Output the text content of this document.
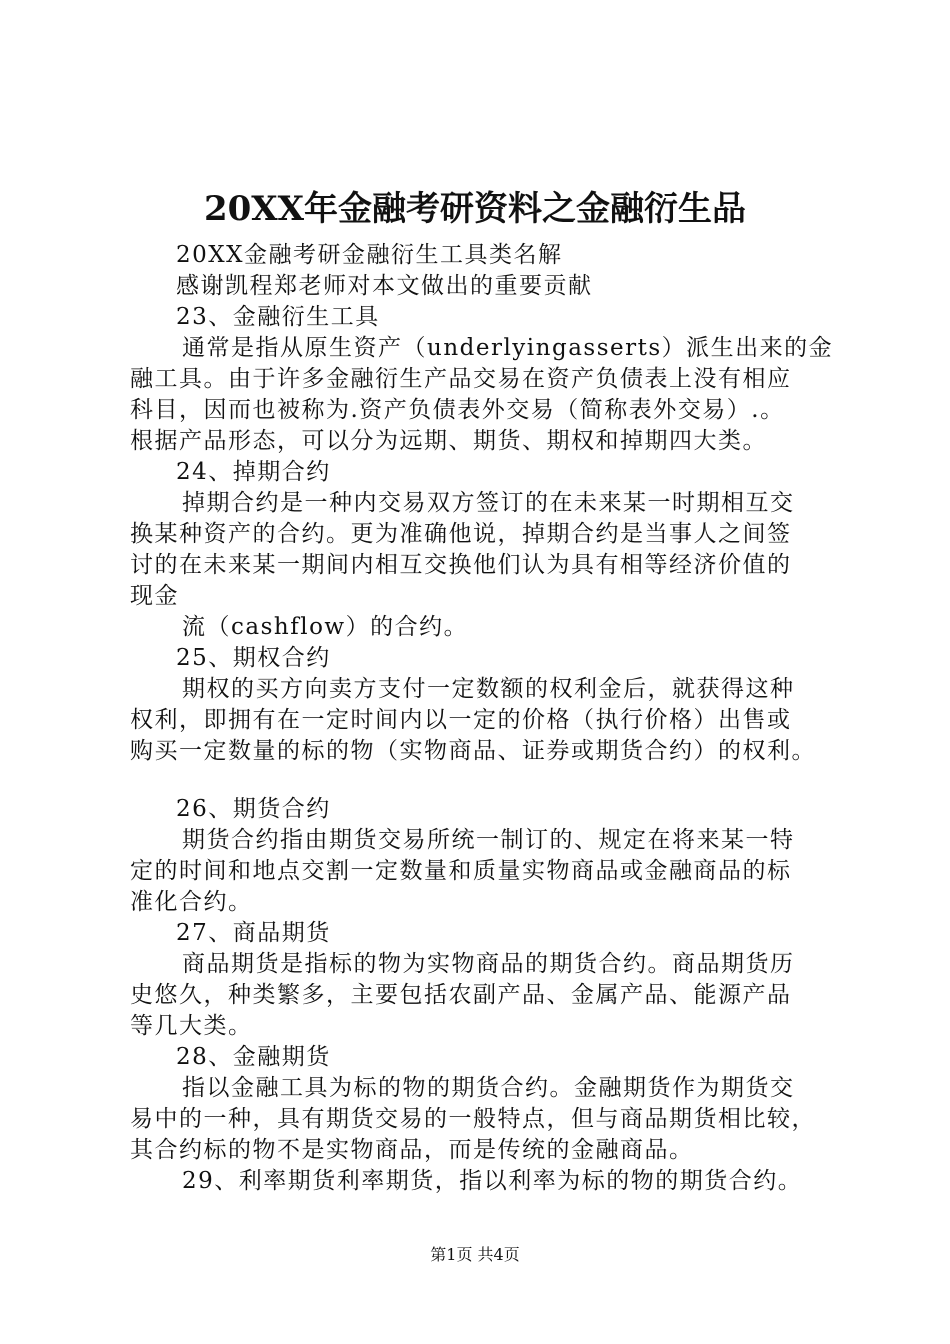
20XX年金融考研资料之金融衍生品
20XX金融考研金融衍生工具类名解
感谢凯程郑老师对本文做出的重要贡献
23、金融衍生工具
通常是指从原生资产（underlyingasserts）派生出来的金
融工具。由于许多金融衍生产品交易在资产负债表上没有相应
科目，因而也被称为.资产负债表外交易（简称表外交易）.。
根据产品形态，可以分为远期、期货、期权和掉期四大类。
24、掉期合约
掉期合约是一种内交易双方签订的在未来某一时期相互交
换某种资产的合约。更为准确他说，掉期合约是当事人之间签
讨的在未来某一期间内相互交换他们认为具有相等经济价值的
现金
流（cashflow）的合约。
25、期权合约
期权的买方向卖方支付一定数额的权利金后，就获得这种
权利，即拥有在一定时间内以一定的价格（执行价格）出售或
购买一定数量的标的物（实物商品、证券或期货合约）的权利。
26、期货合约
期货合约指由期货交易所统一制订的、规定在将来某一特
定的时间和地点交割一定数量和质量实物商品或金融商品的标
准化合约。
27、商品期货
商品期货是指标的物为实物商品的期货合约。商品期货历
史悠久，种类繁多，主要包括农副产品、金属产品、能源产品
等几大类。
28、金融期货
指以金融工具为标的物的期货合约。金融期货作为期货交
易中的一种，具有期货交易的一般特点，但与商品期货相比较，
其合约标的物不是实物商品，而是传统的金融商品。
29、利率期货利率期货，指以利率为标的物的期货合约。
第1页 共4页
